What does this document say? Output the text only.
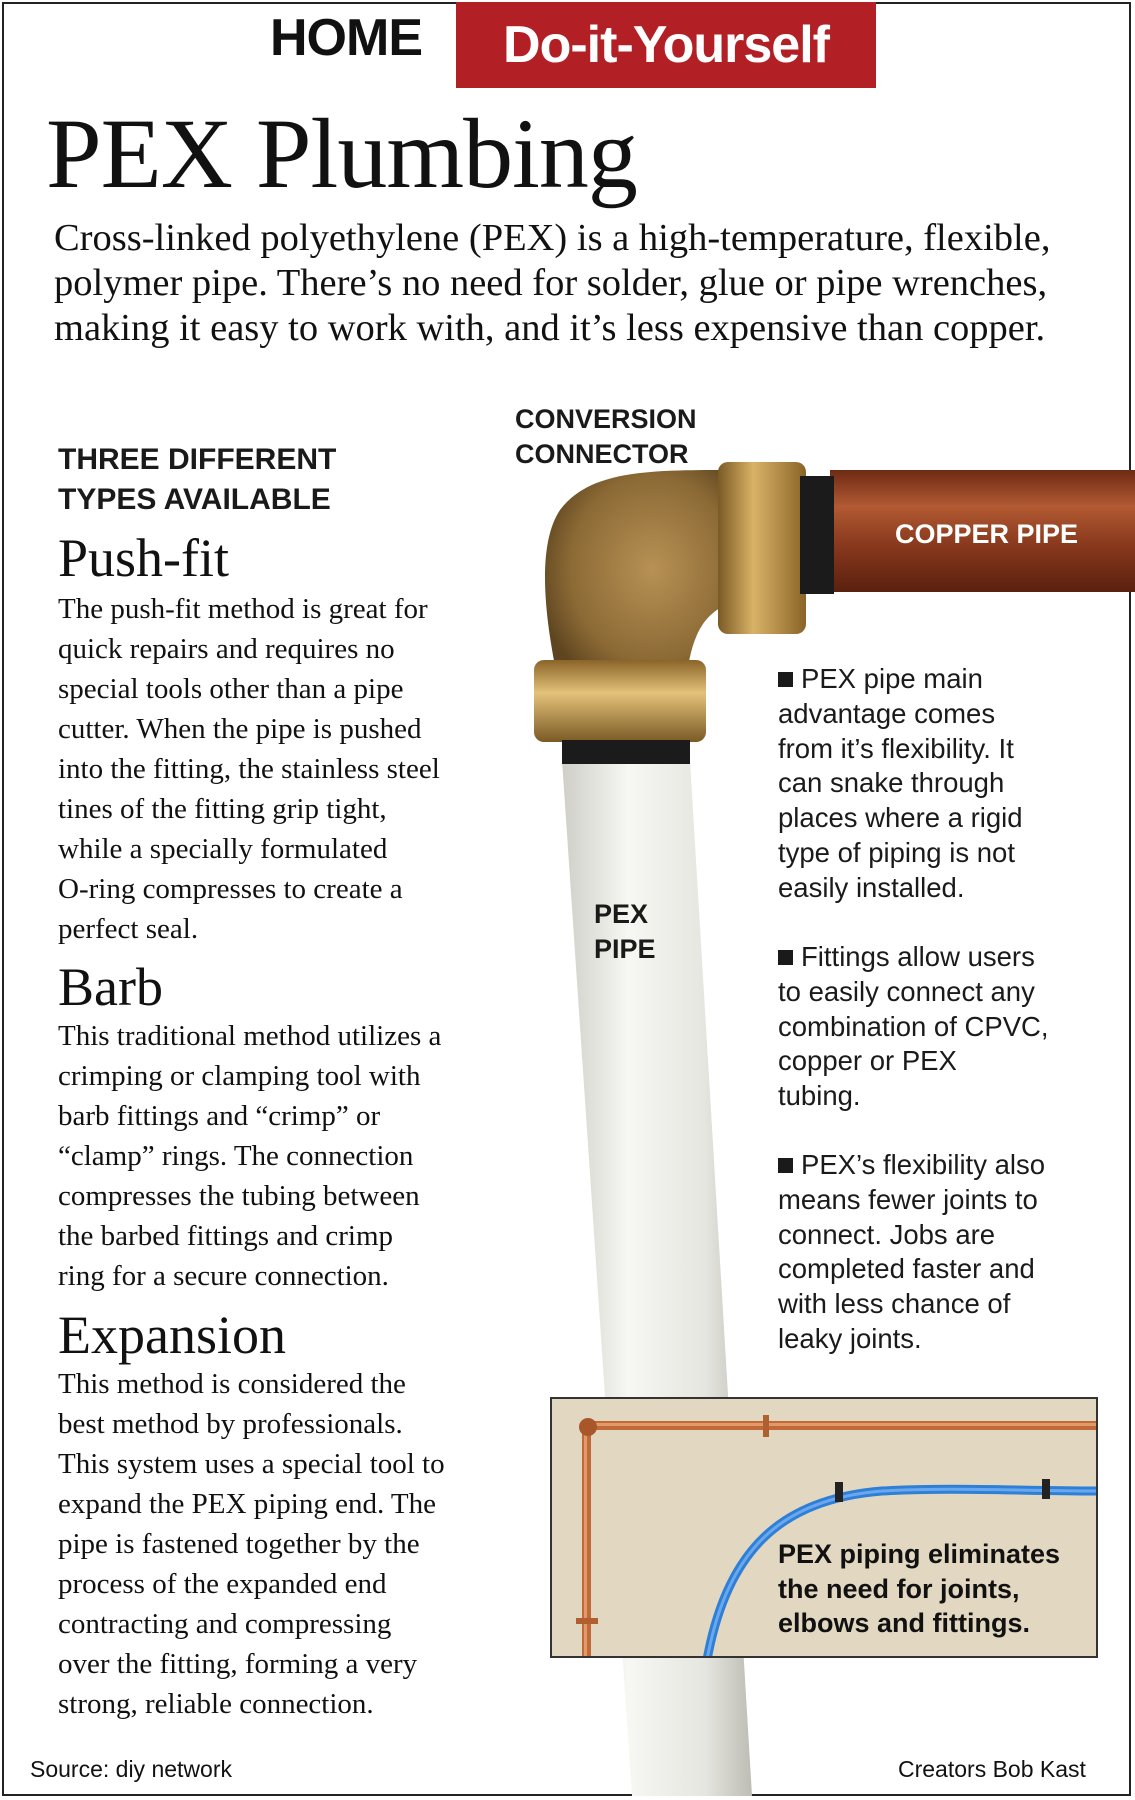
HOME	Do-it-Yourself
PEX Plumbing
Cross-linked polyethylene (PEX) is a high-temperature, flexible, polymer pipe. There’s no need for solder, glue or pipe wrenches, making it easy to work with, and it’s less expensive than copper.
CONVERSION
CONNECTOR
COPPER PIPE
PEX
PIPE
THREE DIFFERENT
TYPES AVAILABLE
Push-fit
The push-fit method is great for
quick repairs and requires no
special tools other than a pipe
cutter. When the pipe is pushed
into the fitting, the stainless steel
tines of the fitting grip tight,
while a specially formulated
O-ring compresses to create a
perfect seal.
Barb
This traditional method utilizes a
crimping or clamping tool with
barb fittings and “crimp” or
“clamp” rings. The connection
compresses the tubing between
the barbed fittings and crimp
ring for a secure connection.
Expansion
This method is considered the
best method by professionals.
This system uses a special tool to
expand the PEX piping end. The
pipe is fastened together by the
process of the expanded end
contracting and compressing
over the fitting, forming a very
strong, reliable connection.
PEX pipe main
advantage comes
from it’s flexibility. It
can snake through
places where a rigid
type of piping is not
easily installed.
Fittings allow users
to easily connect any
combination of CPVC,
copper or PEX
tubing.
PEX’s flexibility also
means fewer joints to
connect. Jobs are
completed faster and
with less chance of
leaky joints.
PEX piping eliminates
the need for joints,
elbows and fittings.
Source: diy network	Creators Bob Kast
